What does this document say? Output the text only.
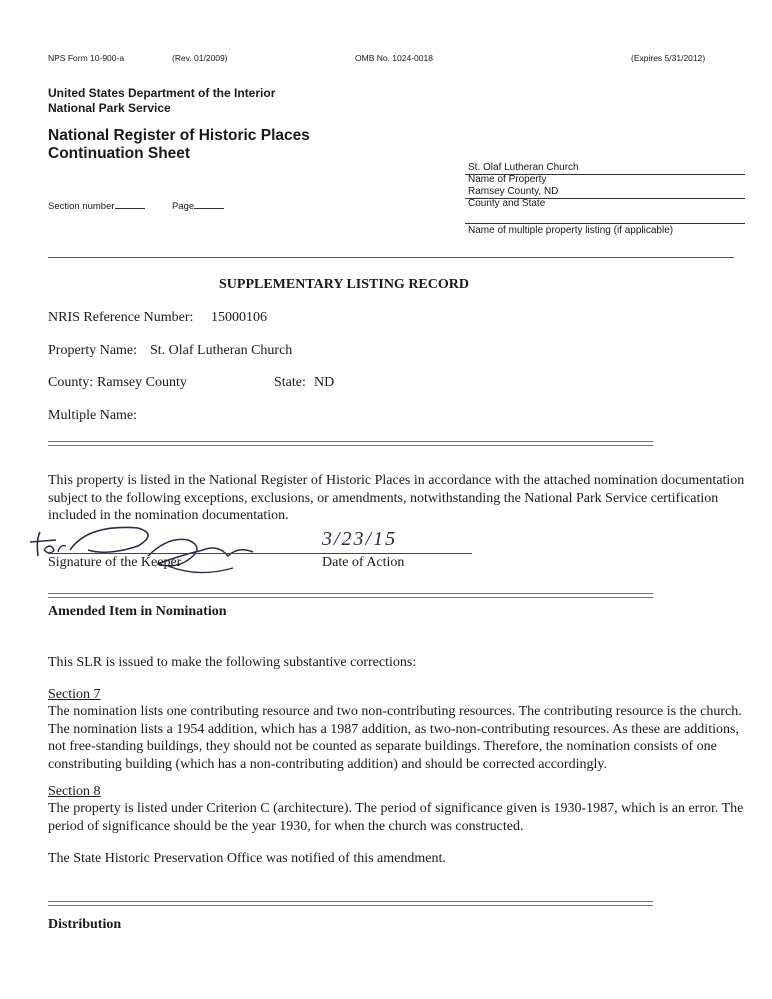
NPS Form 10-900-a	(Rev. 01/2009)	OMB No. 1024-0018	(Expires 5/31/2012)
United States Department of the Interior
National Park Service
National Register of Historic Places
Continuation Sheet
Section number	Page
St. Olaf Lutheran Church
Name of Property
Ramsey County, ND
County and State
Name of multiple property listing (if applicable)
SUPPLEMENTARY LISTING RECORD
NRIS Reference Number: 15000106
Property Name: St. Olaf Lutheran Church
County: Ramsey County	State: ND
Multiple Name:
This property is listed in the National Register of Historic Places in accordance with the attached nomination documentation subject to the following exceptions, exclusions, or amendments, notwithstanding the National Park Service certification included in the nomination documentation.
3/23/15
Signature of the Keeper	Date of Action
Amended Item in Nomination
This SLR is issued to make the following substantive corrections:
Section 7
The nomination lists one contributing resource and two non-contributing resources. The contributing resource is the church. The nomination lists a 1954 addition, which has a 1987 addition, as two-non-contributing resources. As these are additions, not free-standing buildings, they should not be counted as separate buildings. Therefore, the nomination consists of one constributing building (which has a non-contributing addition) and should be corrected accordingly.
Section 8
The property is listed under Criterion C (architecture). The period of significance given is 1930-1987, which is an error. The period of significance should be the year 1930, for when the church was constructed.
The State Historic Preservation Office was notified of this amendment.
Distribution
